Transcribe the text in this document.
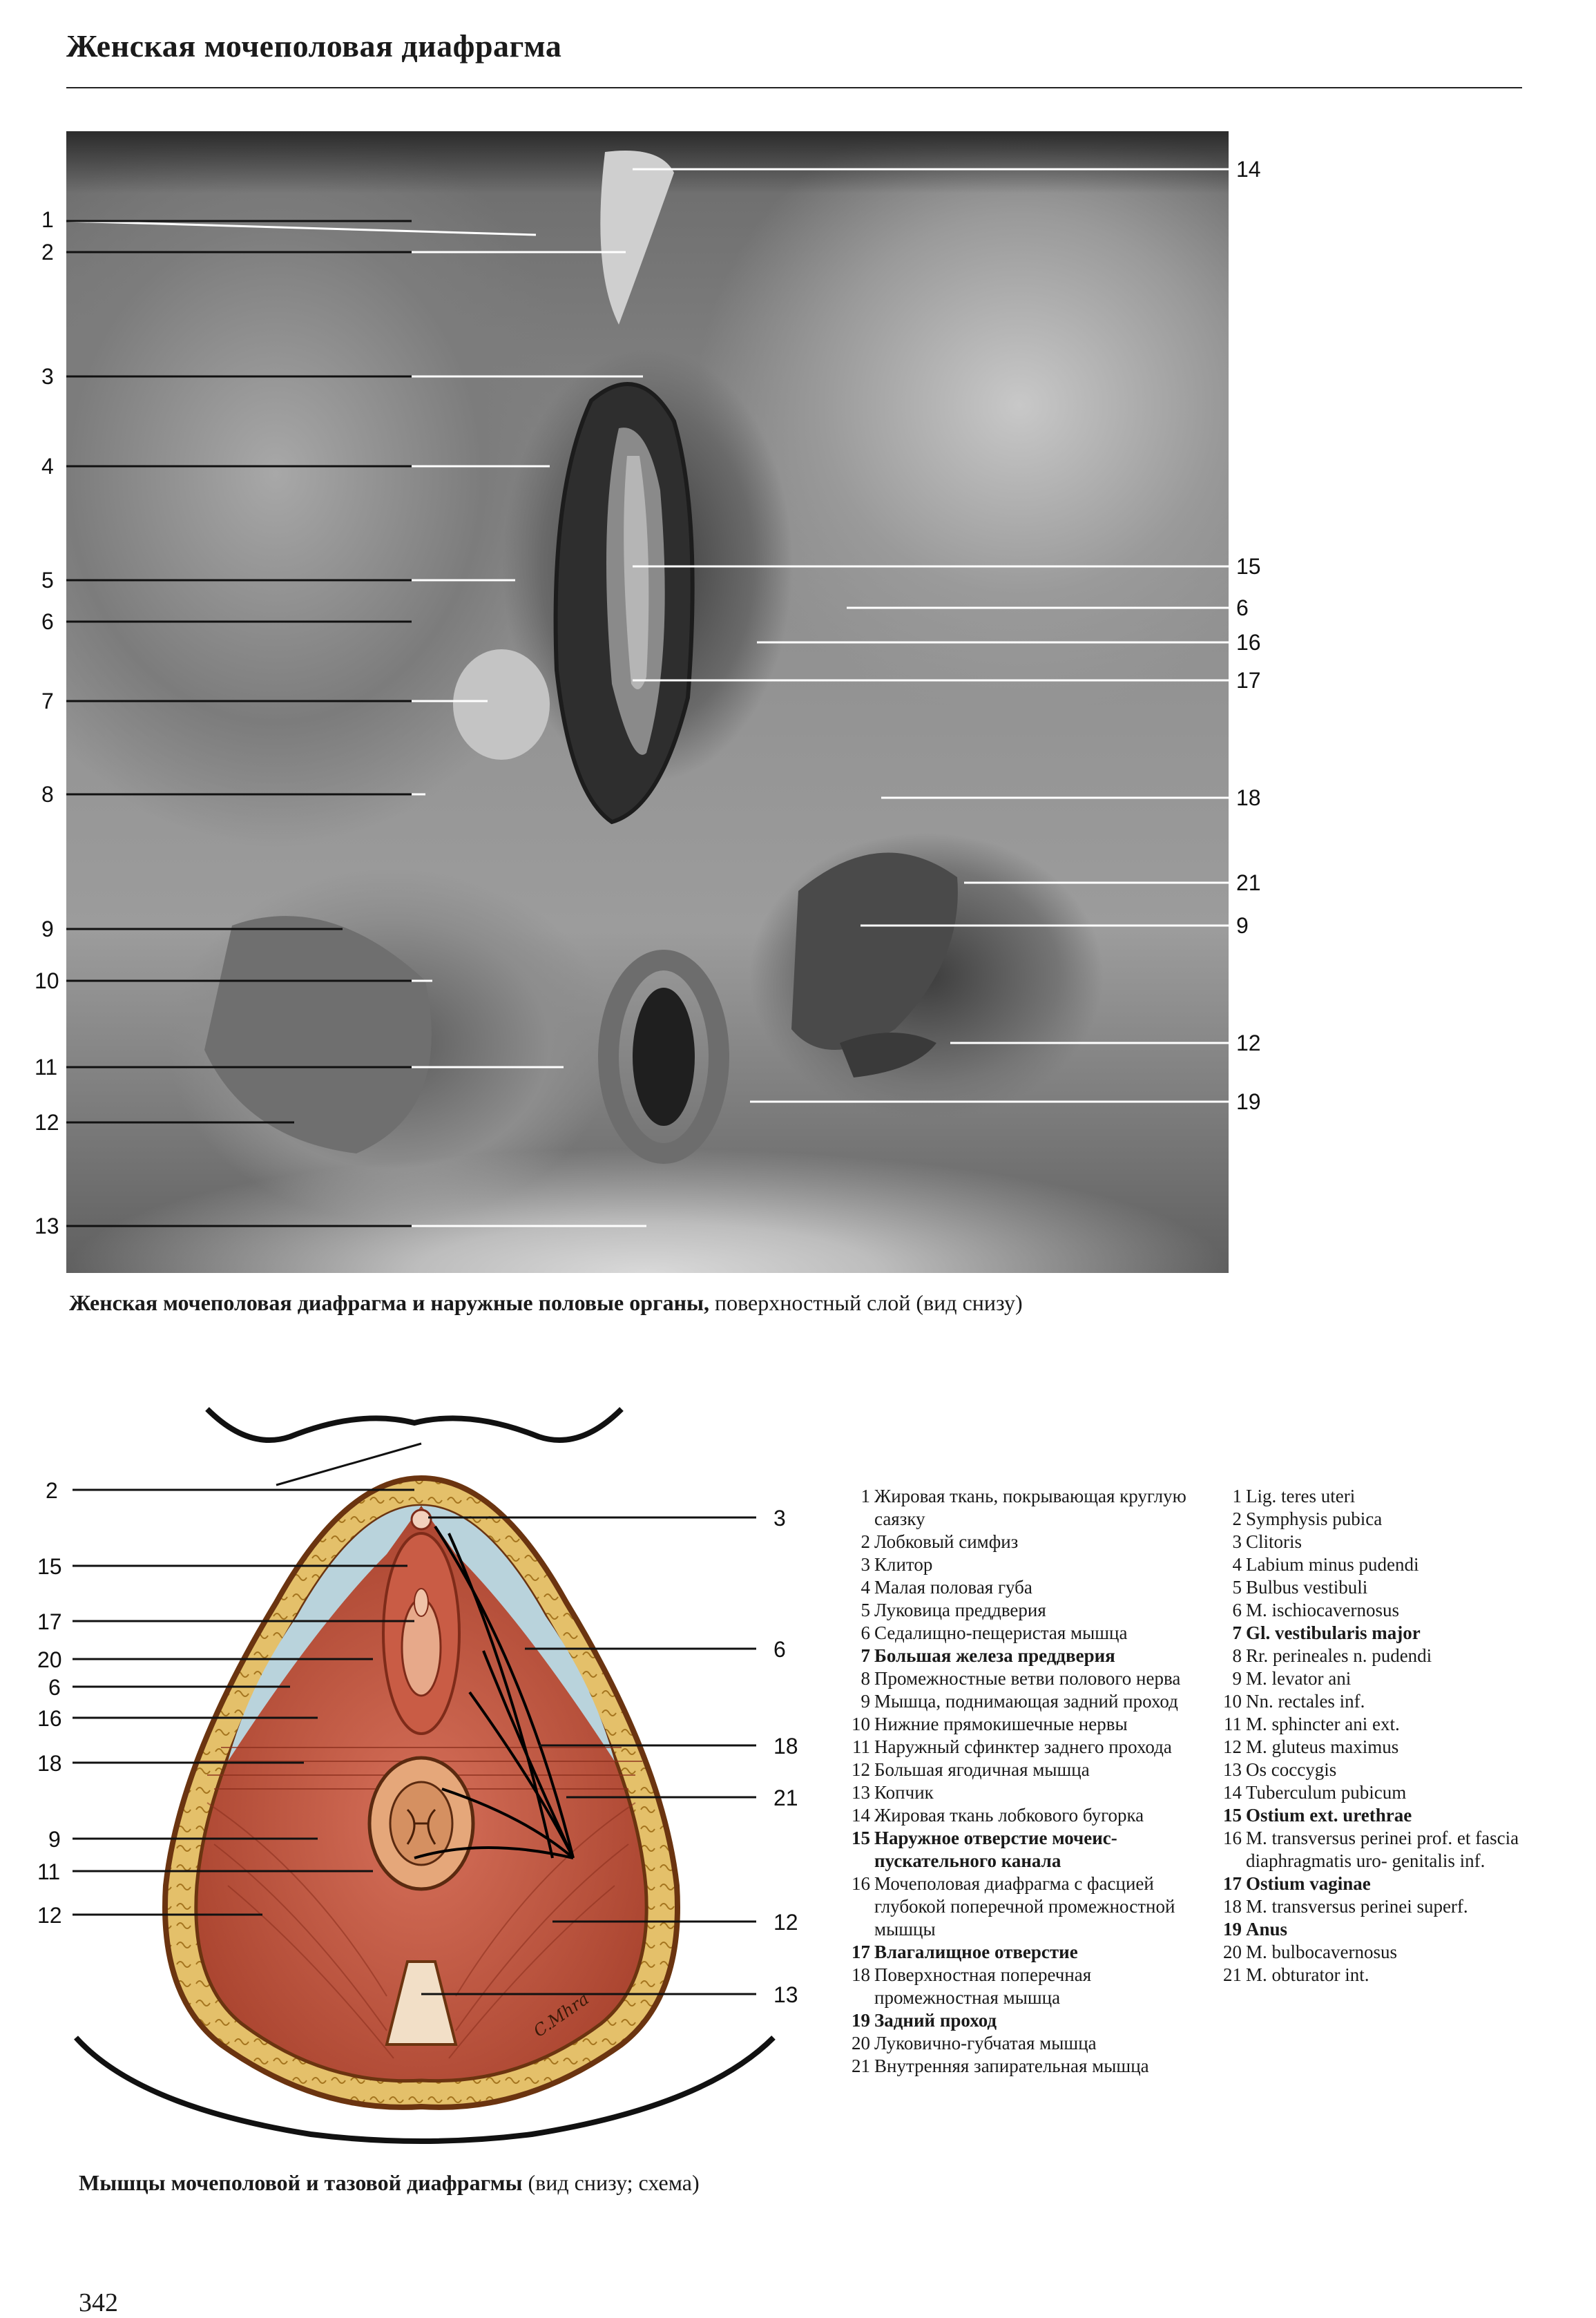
Женская мочеполовая диафрагма
1
2
3
4
5
6
7
8
9
10
11
12
13
14
15
6
16
17
18
21
9
12
19
Женская мочеполовая диафрагма и наружные половые органы, поверхностный слой (вид снизу)
C.Mhra
2
15
17
20
6
16
18
9
11
12
3
6
18
21
12
13
Мышцы мочеполовой и тазовой диафрагмы (вид снизу; схема)
1 Жировая ткань, покрывающая круглую саязку
2 Лобковый симфиз
3 Клитор
4 Малая половая губа
5 Луковица преддверия
6 Седалищно-пещеристая мышца
7 Большая железа преддверия
8 Промежностные ветви полового нерва
9 Мышца, поднимающая задний проход
10 Нижние прямокишечные нервы
11 Наружный сфинктер заднего прохода
12 Большая ягодичная мышца
13 Копчик
14 Жировая ткань лобкового бугорка
15 Наружное отверстие мочеис- пускательного канала
16 Мочеполовая диафрагма с фасцией глубокой поперечной промежностной мышцы
17 Влагалищное отверстие
18 Поверхностная поперечная промежностная мышца
19 Задний проход
20 Луковично-губчатая мышца
21 Внутренняя запирательная мышца
1 Lig. teres uteri
2 Symphysis pubica
3 Clitoris
4 Labium minus pudendi
5 Bulbus vestibuli
6 M. ischiocavernosus
7 Gl. vestibularis major
8 Rr. perineales n. pudendi
9 M. levator ani
10 Nn. rectales inf.
11 M. sphincter ani ext.
12 M. gluteus maximus
13 Os coccygis
14 Tuberculum pubicum
15 Ostium ext. urethrae
16 M. transversus perinei prof. et fascia diaphragmatis uro- genitalis inf.
17 Ostium vaginae
18 M. transversus perinei superf.
19 Anus
20 M. bulbocavernosus
21 M. obturator int.
342
